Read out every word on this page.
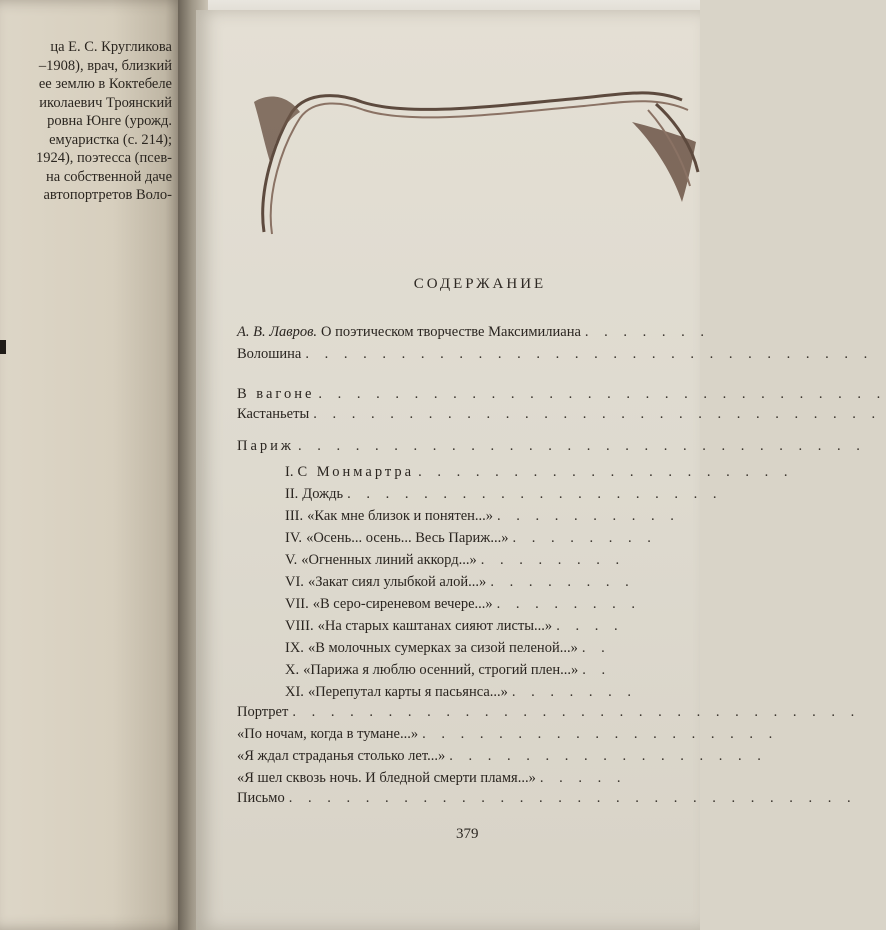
ца Е. С. Кругликова
–1908), врач, близкий
ее землю в Коктебеле
иколаевич Троянский
ровна Юнге (урожд.
емуаристка (с. 214);
1924), поэтесса (псев-
на собственной даче
автопортретов Воло-
СОДЕРЖАНИЕ
А. В. Лавров. О поэтическом творчестве Максимилиана . . . . . . .
Волошина . . . . . . . . . . . . . . . . . . . . . . . . . . . . . .
В вагоне . . . . . . . . . . . . . . . . . . . . . . . . . . . . . .
Кастаньеты . . . . . . . . . . . . . . . . . . . . . . . . . . . . . .
Париж . . . . . . . . . . . . . . . . . . . . . . . . . . . . . .
I. С Монмартра . . . . . . . . . . . . . . . . . . . .
II. Дождь . . . . . . . . . . . . . . . . . . . .
III. «Как мне близок и понятен...» . . . . . . . . . .
IV. «Осень... осень... Весь Париж...» . . . . . . . .
V. «Огненных линий аккорд...» . . . . . . . .
VI. «Закат сиял улыбкой алой...» . . . . . . . .
VII. «В серо-сиреневом вечере...» . . . . . . . .
VIII. «На старых каштанах сияют листы...» . . . .
IX. «В молочных сумерках за сизой пеленой...» . .
X. «Парижа я люблю осенний, строгий плен...» . .
XI. «Перепутал карты я пасьянса...» . . . . . . .
Портрет . . . . . . . . . . . . . . . . . . . . . . . . . . . . . .
«По ночам, когда в тумане...» . . . . . . . . . . . . . . . . . . .
«Я ждал страданья столько лет...» . . . . . . . . . . . . . . . . .
«Я шел сквозь ночь. И бледной смерти пламя...» . . . . .
Письмо . . . . . . . . . . . . . . . . . . . . . . . . . . . . . .
379
